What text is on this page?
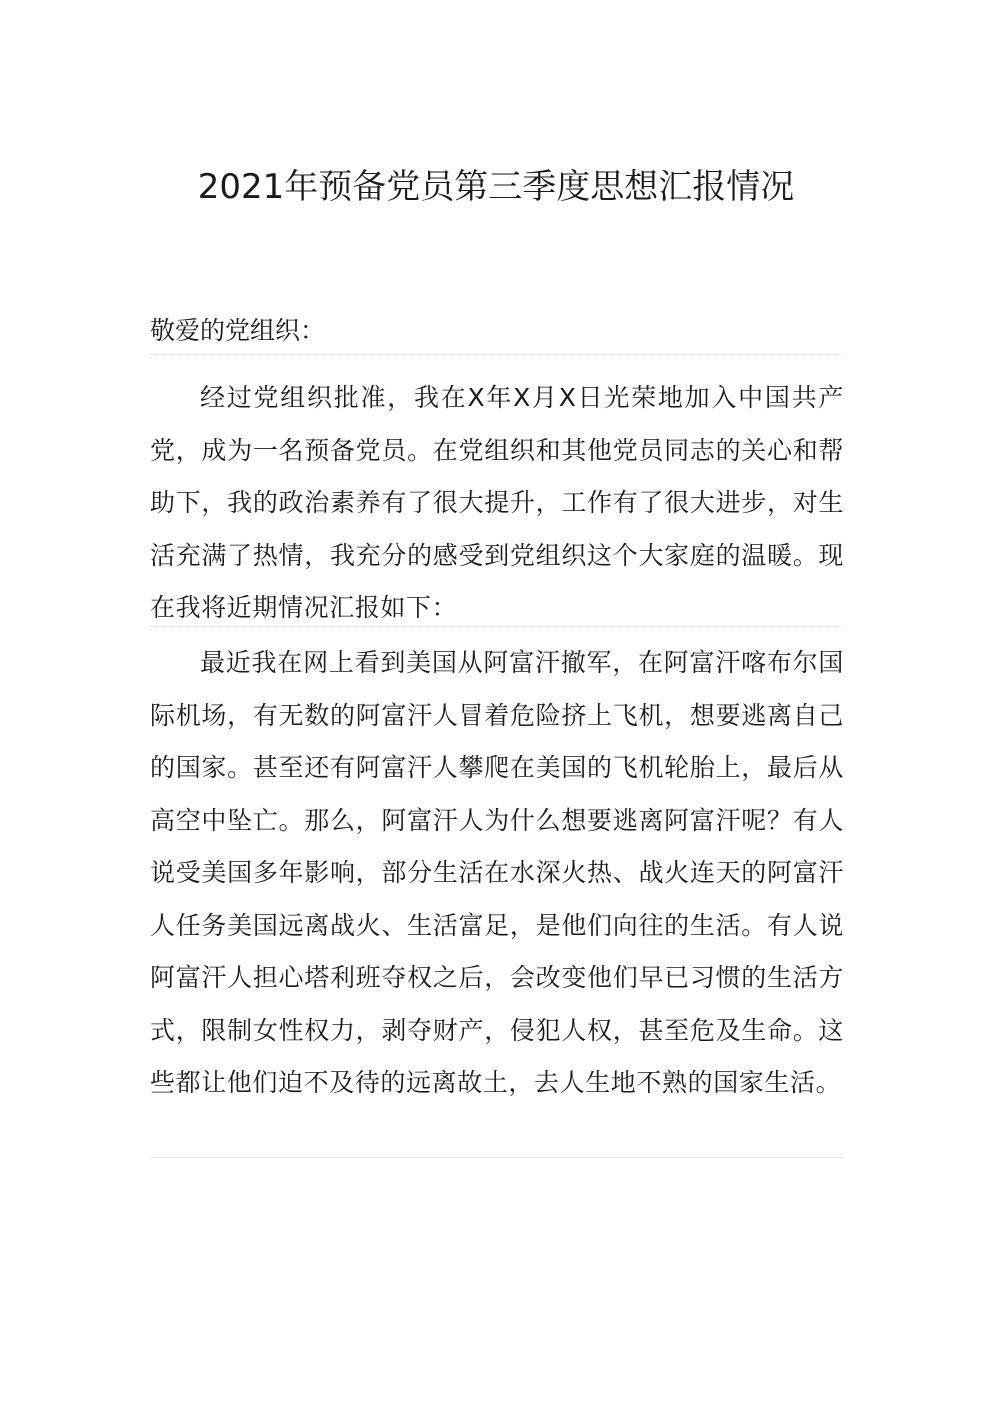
2021年预备党员第三季度思想汇报情况

敬爱的党组织：

经过党组织批准，我在X年X月X日光荣地加入中国共产党，成为一名预备党员。在党组织和其他党员同志的关心和帮助下，我的政治素养有了很大提升，工作有了很大进步，对生活充满了热情，我充分的感受到党组织这个大家庭的温暖。现在我将近期情况汇报如下：

最近我在网上看到美国从阿富汗撤军，在阿富汗喀布尔国际机场，有无数的阿富汗人冒着危险挤上飞机，想要逃离自己的国家。甚至还有阿富汗人攀爬在美国的飞机轮胎上，最后从高空中坠亡。那么，阿富汗人为什么想要逃离阿富汗呢？有人说受美国多年影响，部分生活在水深火热、战火连天的阿富汗人任务美国远离战火、生活富足，是他们向往的生活。有人说阿富汗人担心塔利班夺权之后，会改变他们早已习惯的生活方式，限制女性权力，剥夺财产，侵犯人权，甚至危及生命。这些都让他们迫不及待的远离故土，去人生地不熟的国家生活。
